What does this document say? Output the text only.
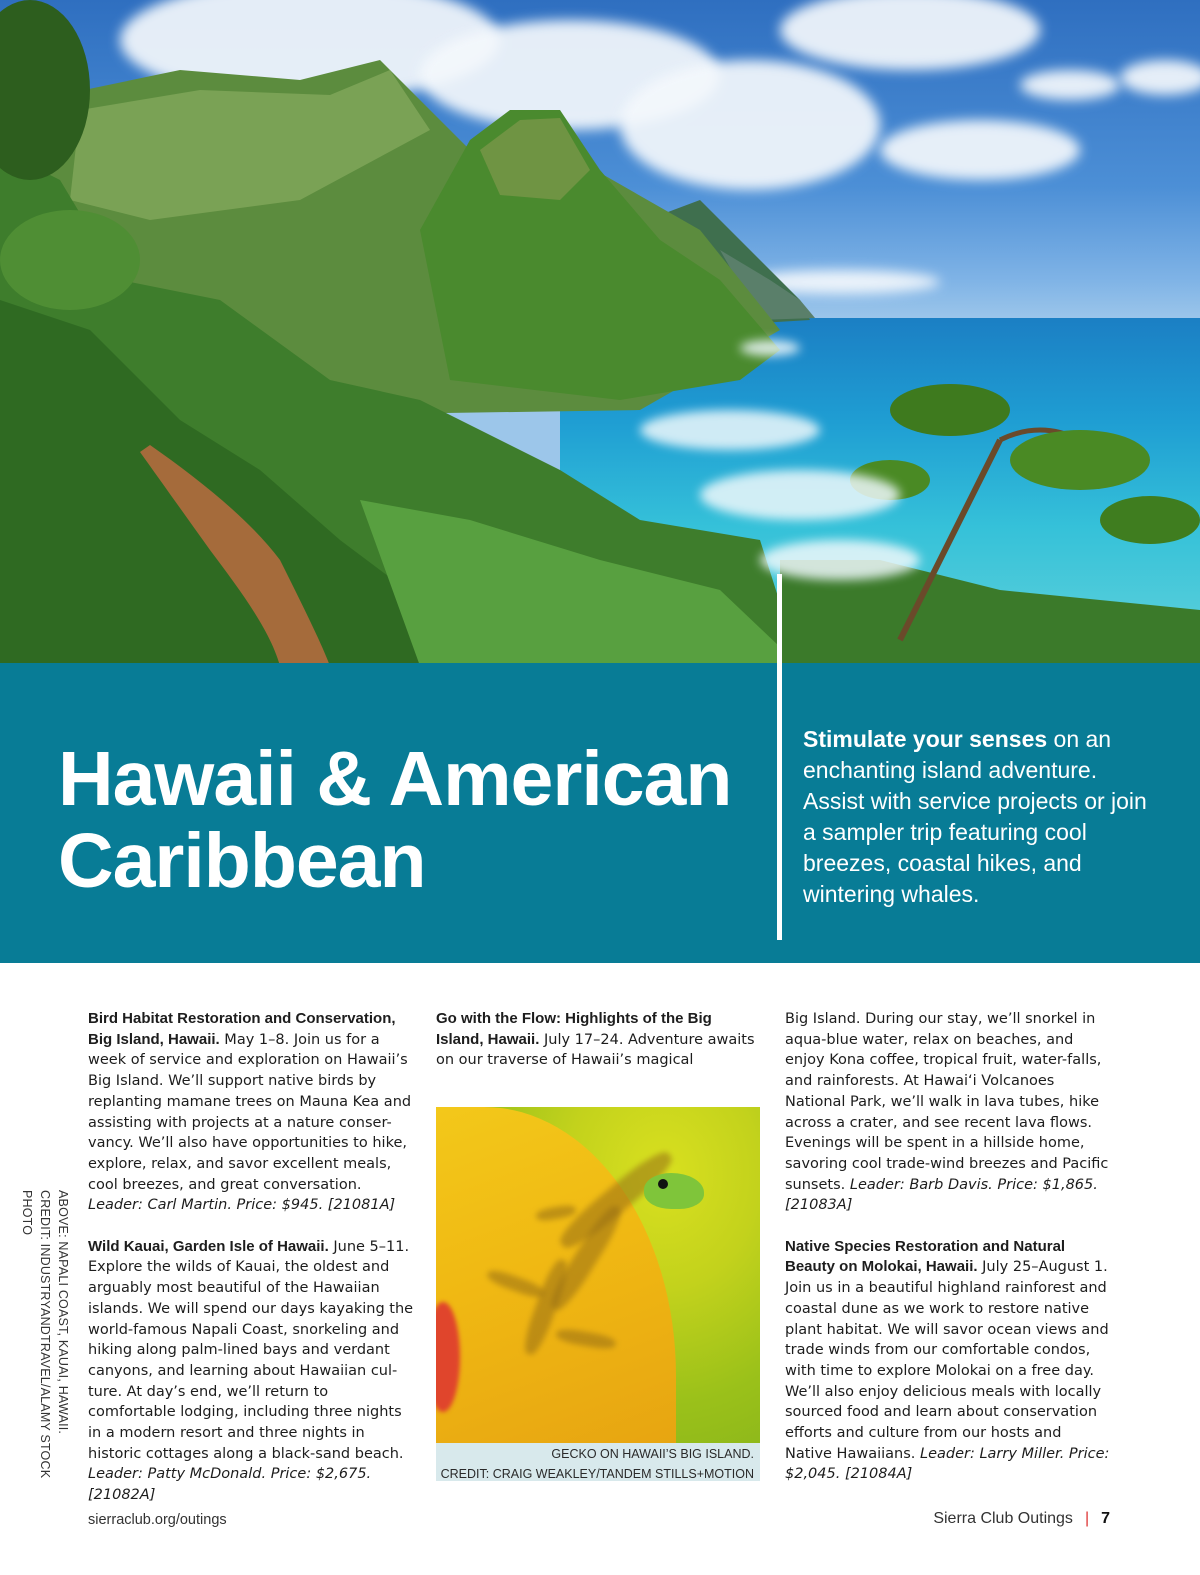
Hawaii & American Caribbean

Stimulate your senses on an enchanting island adventure. Assist with service projects or join a sampler trip featuring cool breezes, coastal hikes, and wintering whales.

Bird Habitat Restoration and Conservation, Big Island, Hawaii. May 1–8. Join us for a week of service and exploration on Hawaii’s Big Island. We’ll support native birds by replanting mamane trees on Mauna Kea and assisting with projects at a nature conser-vancy. We’ll also have opportunities to hike, explore, relax, and savor excellent meals, cool breezes, and great conversation. Leader: Carl Martin. Price: $945. [21081A]

Wild Kauai, Garden Isle of Hawaii. June 5–11. Explore the wilds of Kauai, the oldest and arguably most beautiful of the Hawaiian islands. We will spend our days kayaking the world-famous Napali Coast, snorkeling and hiking along palm-lined bays and verdant canyons, and learning about Hawaiian cul-ture. At day’s end, we’ll return to comfortable lodging, including three nights in a modern resort and three nights in historic cottages along a black-sand beach. Leader: Patty McDonald. Price: $2,675. [21082A]

Go with the Flow: Highlights of the Big Island, Hawaii. July 17–24. Adventure awaits on our traverse of Hawaii’s magical

GECKO ON HAWAII’S BIG ISLAND.
CREDIT: CRAIG WEAKLEY/TANDEM STILLS+MOTION

Big Island. During our stay, we’ll snorkel in aqua-blue water, relax on beaches, and enjoy Kona coffee, tropical fruit, water-falls, and rainforests. At Hawai‘i Volcanoes National Park, we’ll walk in lava tubes, hike across a crater, and see recent lava flows. Evenings will be spent in a hillside home, savoring cool trade-wind breezes and Pacific sunsets. Leader: Barb Davis. Price: $1,865. [21083A]

Native Species Restoration and Natural Beauty on Molokai, Hawaii. July 25–August 1. Join us in a beautiful highland rainforest and coastal dune as we work to restore native plant habitat. We will savor ocean views and trade winds from our comfortable condos, with time to explore Molokai on a free day. We’ll also enjoy delicious meals with locally sourced food and learn about conservation efforts and culture from our hosts and Native Hawaiians. Leader: Larry Miller. Price: $2,045. [21084A]

ABOVE: NAPALI COAST, KAUAI, HAWAII.
CREDIT: INDUSTRYANDTRAVEL/ALAMY STOCK PHOTO
sierraclub.org/outings	Sierra Club Outings | 7
